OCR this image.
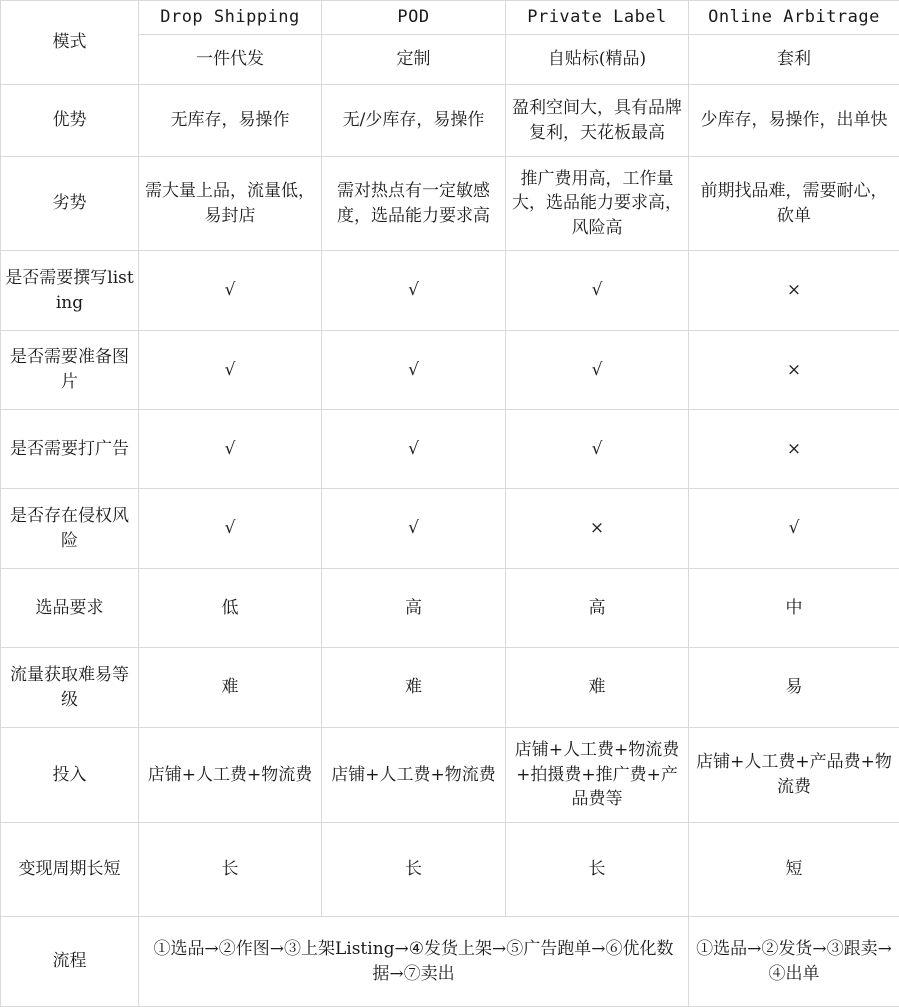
模式	Drop Shipping	POD	Private Label	Online Arbitrage
	一件代发	定制	自贴标(精品)	套利
优势	无库存，易操作	无/少库存，易操作	盈利空间大，具有品牌复利，天花板最高	少库存，易操作，出单快
劣势	需大量上品，流量低，易封店	需对热点有一定敏感度，选品能力要求高	推广费用高，工作量大，选品能力要求高，风险高	前期找品难，需要耐心，砍单
是否需要撰写listing	√	√	√	×
是否需要准备图片	√	√	√	×
是否需要打广告	√	√	√	×
是否存在侵权风险	√	√	×	√
选品要求	低	高	高	中
流量获取难易等级	难	难	难	易
投入	店铺+人工费+物流费	店铺+人工费+物流费	店铺+人工费+物流费+拍摄费+推广费+产品费等	店铺+人工费+产品费+物流费
变现周期长短	长	长	长	短
流程	①选品→②作图→③上架Listing→④发货上架→⑤广告跑单→⑥优化数据→⑦卖出			①选品→②发货→③跟卖→④出单
